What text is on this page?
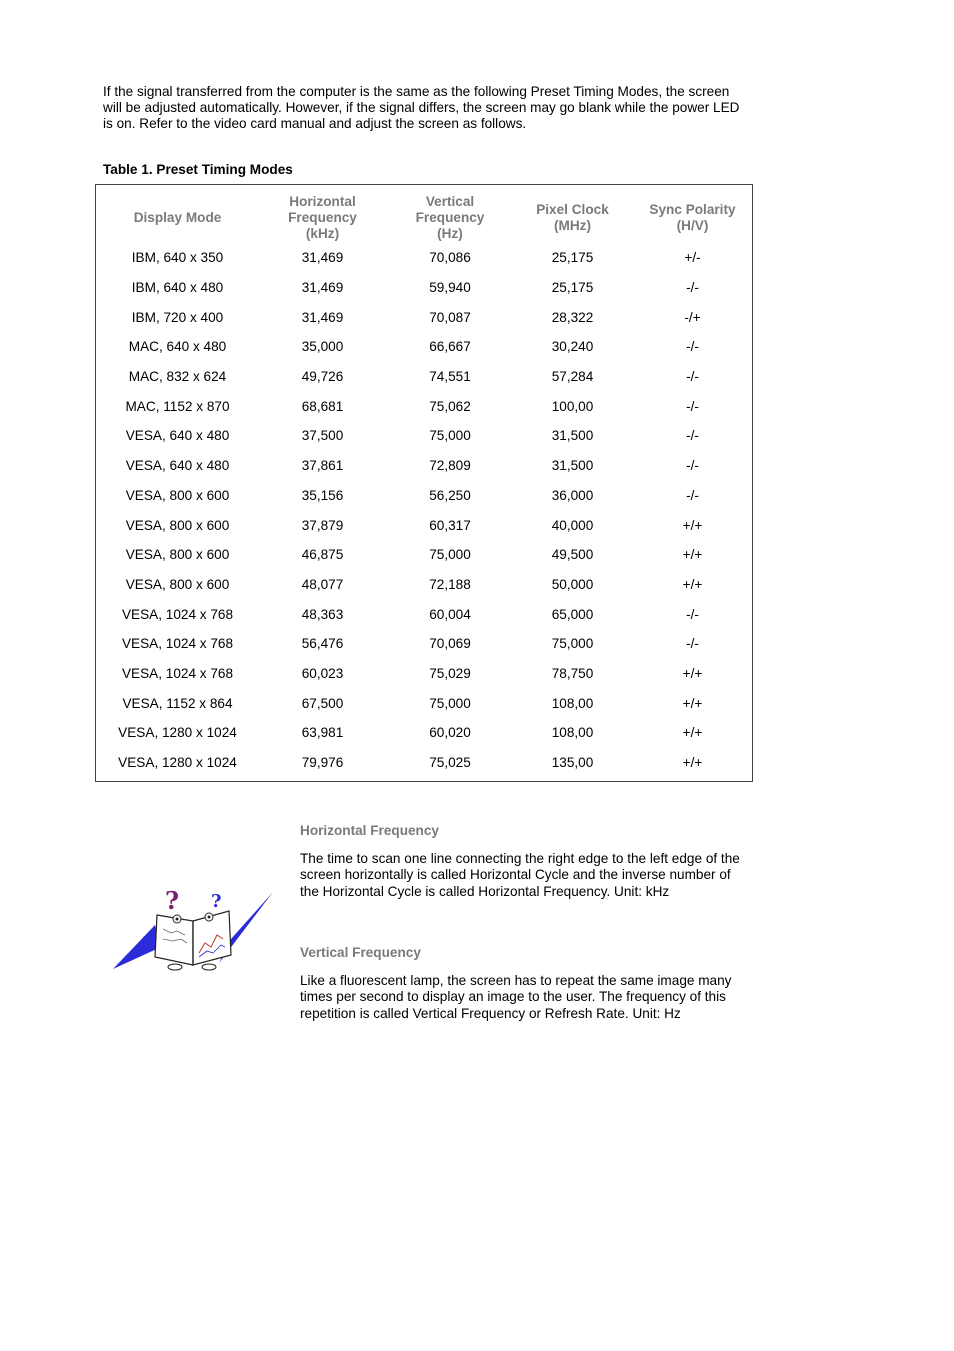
If the signal transferred from the computer is the same as the following Preset Timing Modes, the screen will be adjusted automatically. However, if the signal differs, the screen may go blank while the power LED is on. Refer to the video card manual and adjust the screen as follows.

Table 1. Preset Timing Modes

Display Mode	Horizontal
Frequency
(kHz)	Vertical
Frequency
(Hz)	Pixel Clock
(MHz)	Sync Polarity
(H/V)
IBM, 640 x 350	31,469	70,086	25,175	+/-
IBM, 640 x 480	31,469	59,940	25,175	-/-
IBM, 720 x 400	31,469	70,087	28,322	-/+
MAC, 640 x 480	35,000	66,667	30,240	-/-
MAC, 832 x 624	49,726	74,551	57,284	-/-
MAC, 1152 x 870	68,681	75,062	100,00	-/-
VESA, 640 x 480	37,500	75,000	31,500	-/-
VESA, 640 x 480	37,861	72,809	31,500	-/-
VESA, 800 x 600	35,156	56,250	36,000	-/-
VESA, 800 x 600	37,879	60,317	40,000	+/+
VESA, 800 x 600	46,875	75,000	49,500	+/+
VESA, 800 x 600	48,077	72,188	50,000	+/+
VESA, 1024 x 768	48,363	60,004	65,000	-/-
VESA, 1024 x 768	56,476	70,069	75,000	-/-
VESA, 1024 x 768	60,023	75,029	78,750	+/+
VESA, 1152 x 864	67,500	75,000	108,00	+/+
VESA, 1280 x 1024	63,981	60,020	108,00	+/+
VESA, 1280 x 1024	79,976	75,025	135,00	+/+
? ?

Horizontal Frequency

The time to scan one line connecting the right edge to the left edge of the screen horizontally is called Horizontal Cycle and the inverse number of the Horizontal Cycle is called Horizontal Frequency. Unit: kHz

Vertical Frequency

Like a fluorescent lamp, the screen has to repeat the same image many times per second to display an image to the user. The frequency of this repetition is called Vertical Frequency or Refresh Rate. Unit: Hz
